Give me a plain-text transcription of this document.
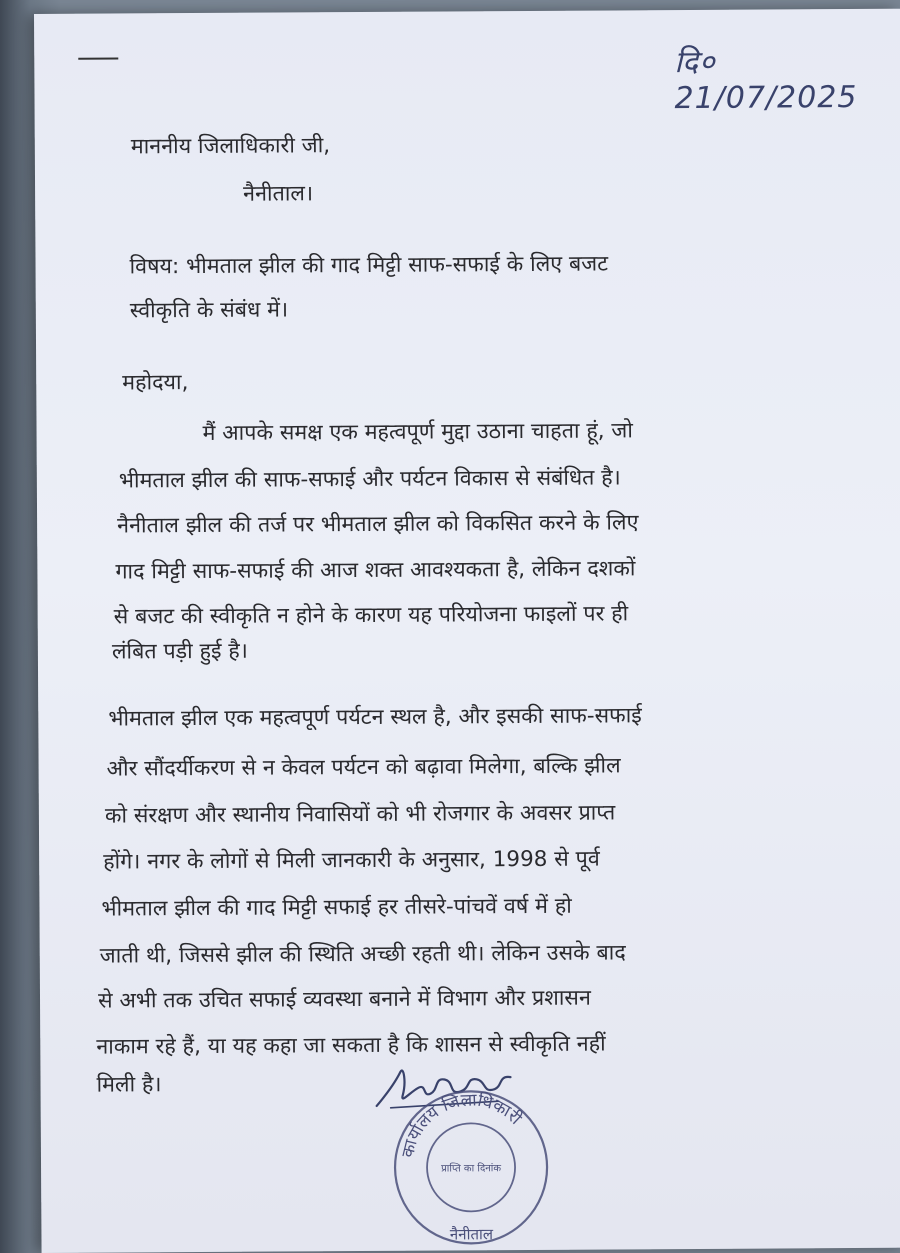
दि० 21/07/2025
माननीय जिलाधिकारी जी,
नैनीताल।
विषय: भीमताल झील की गाद मिट्टी साफ-सफाई के लिए बजट
स्वीकृति के संबंध में।
महोदया,
मैं आपके समक्ष एक महत्वपूर्ण मुद्दा उठाना चाहता हूं, जो
भीमताल झील की साफ-सफाई और पर्यटन विकास से संबंधित है।
नैनीताल झील की तर्ज पर भीमताल झील को विकसित करने के लिए
गाद मिट्टी साफ-सफाई की आज शक्त आवश्यकता है, लेकिन दशकों
से बजट की स्वीकृति न होने के कारण यह परियोजना फाइलों पर ही
लंबित पड़ी हुई है।
भीमताल झील एक महत्वपूर्ण पर्यटन स्थल है, और इसकी साफ-सफाई
और सौंदर्यीकरण से न केवल पर्यटन को बढ़ावा मिलेगा, बल्कि झील
को संरक्षण और स्थानीय निवासियों को भी रोजगार के अवसर प्राप्त
होंगे। नगर के लोगों से मिली जानकारी के अनुसार, 1998 से पूर्व
भीमताल झील की गाद मिट्टी सफाई हर तीसरे-पांचवें वर्ष में हो
जाती थी, जिससे झील की स्थिति अच्छी रहती थी। लेकिन उसके बाद
से अभी तक उचित सफाई व्यवस्था बनाने में विभाग और प्रशासन
नाकाम रहे हैं, या यह कहा जा सकता है कि शासन से स्वीकृति नहीं
मिली है।
कार्यालय जिलाधिकारी
प्राप्ति का दिनांक
नैनीताल
